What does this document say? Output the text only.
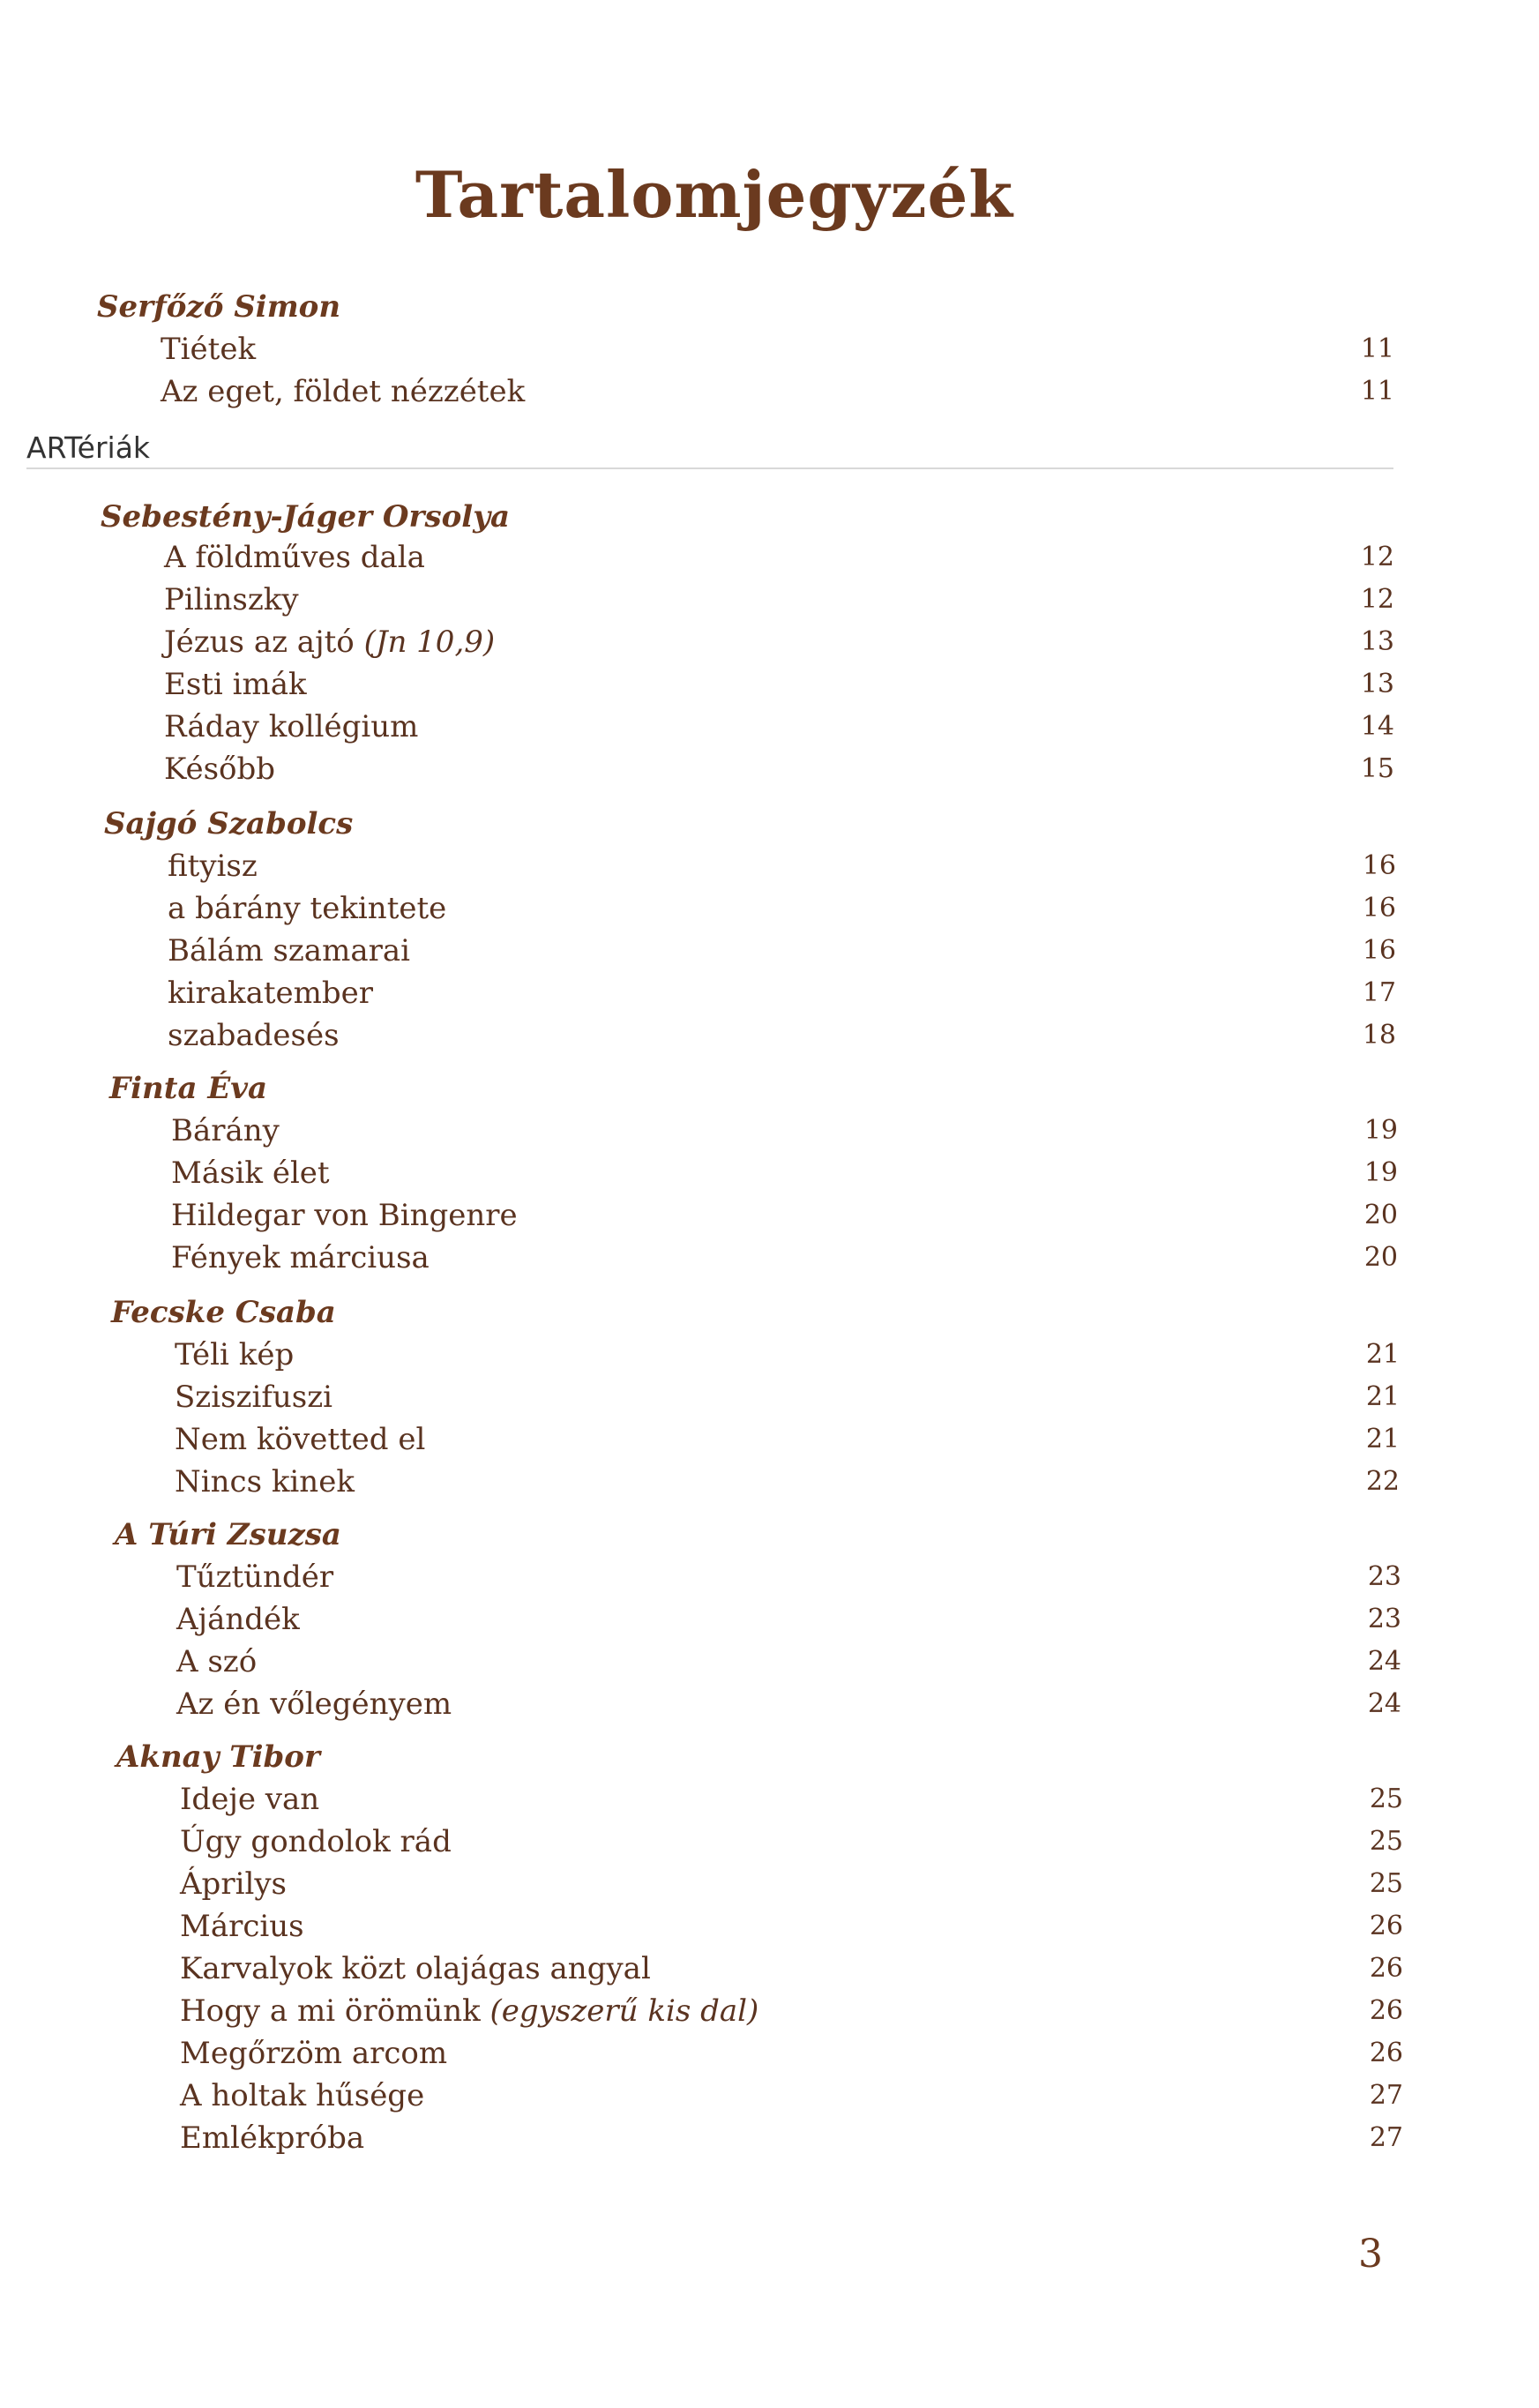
Tartalomjegyzék
ARTériák
Serfőző Simon
Tiétek	11
Az eget, földet nézzétek	11
Sebestény-Jáger Orsolya
A földműves dala	12
Pilinszky	12
Jézus az ajtó (Jn 10,9)	13
Esti imák	13
Ráday kollégium	14
Később	15
Sajgó Szabolcs
fityisz	16
a bárány tekintete	16
Bálám szamarai	16
kirakatember	17
szabadesés	18
Finta Éva
Bárány	19
Másik élet	19
Hildegar von Bingenre	20
Fények márciusa	20
Fecske Csaba
Téli kép	21
Sziszifuszi	21
Nem követted el	21
Nincs kinek	22
A Túri Zsuzsa
Tűztündér	23
Ajándék	23
A szó	24
Az én vőlegényem	24
Aknay Tibor
Ideje van	25
Úgy gondolok rád	25
Áprilys	25
Március	26
Karvalyok közt olajágas angyal	26
Hogy a mi örömünk (egyszerű kis dal)	26
Megőrzöm arcom	26
A holtak hűsége	27
Emlékpróba	27
3
